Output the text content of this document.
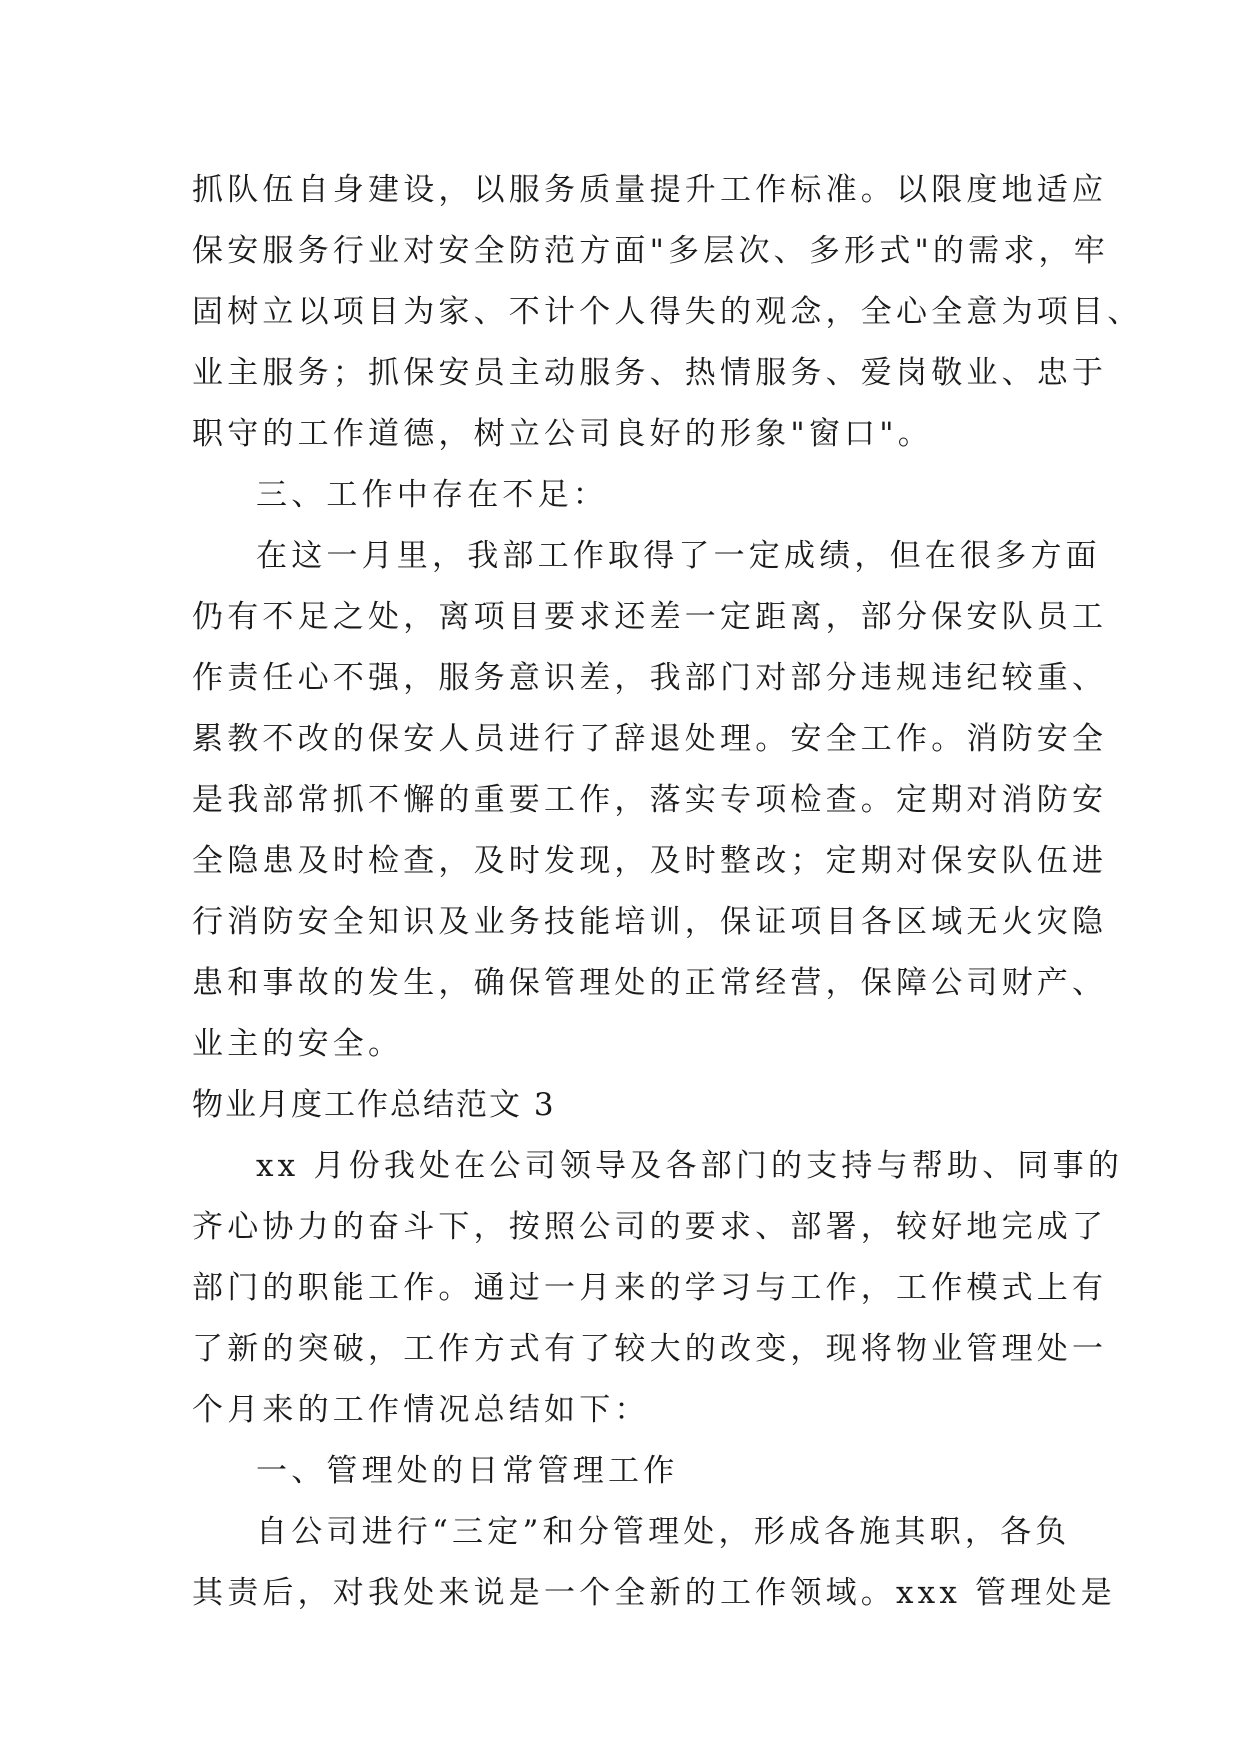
抓队伍自身建设，以服务质量提升工作标准。以限度地适应
保安服务行业对安全防范方面"多层次、多形式"的需求，牢
固树立以项目为家、不计个人得失的观念，全心全意为项目、
业主服务；抓保安员主动服务、热情服务、爱岗敬业、忠于
职守的工作道德，树立公司良好的形象"窗口"。
三、工作中存在不足：
在这一月里，我部工作取得了一定成绩，但在很多方面
仍有不足之处，离项目要求还差一定距离，部分保安队员工
作责任心不强，服务意识差，我部门对部分违规违纪较重、
累教不改的保安人员进行了辞退处理。安全工作。消防安全
是我部常抓不懈的重要工作，落实专项检查。定期对消防安
全隐患及时检查，及时发现，及时整改；定期对保安队伍进
行消防安全知识及业务技能培训，保证项目各区域无火灾隐
患和事故的发生，确保管理处的正常经营，保障公司财产、
业主的安全。
物业月度工作总结范文 3
xx 月份我处在公司领导及各部门的支持与帮助、同事的
齐心协力的奋斗下，按照公司的要求、部署，较好地完成了
部门的职能工作。通过一月来的学习与工作，工作模式上有
了新的突破，工作方式有了较大的改变，现将物业管理处一
个月来的工作情况总结如下：
一、管理处的日常管理工作
自公司进行“三定”和分管理处，形成各施其职，各负
其责后，对我处来说是一个全新的工作领域。xxx 管理处是
